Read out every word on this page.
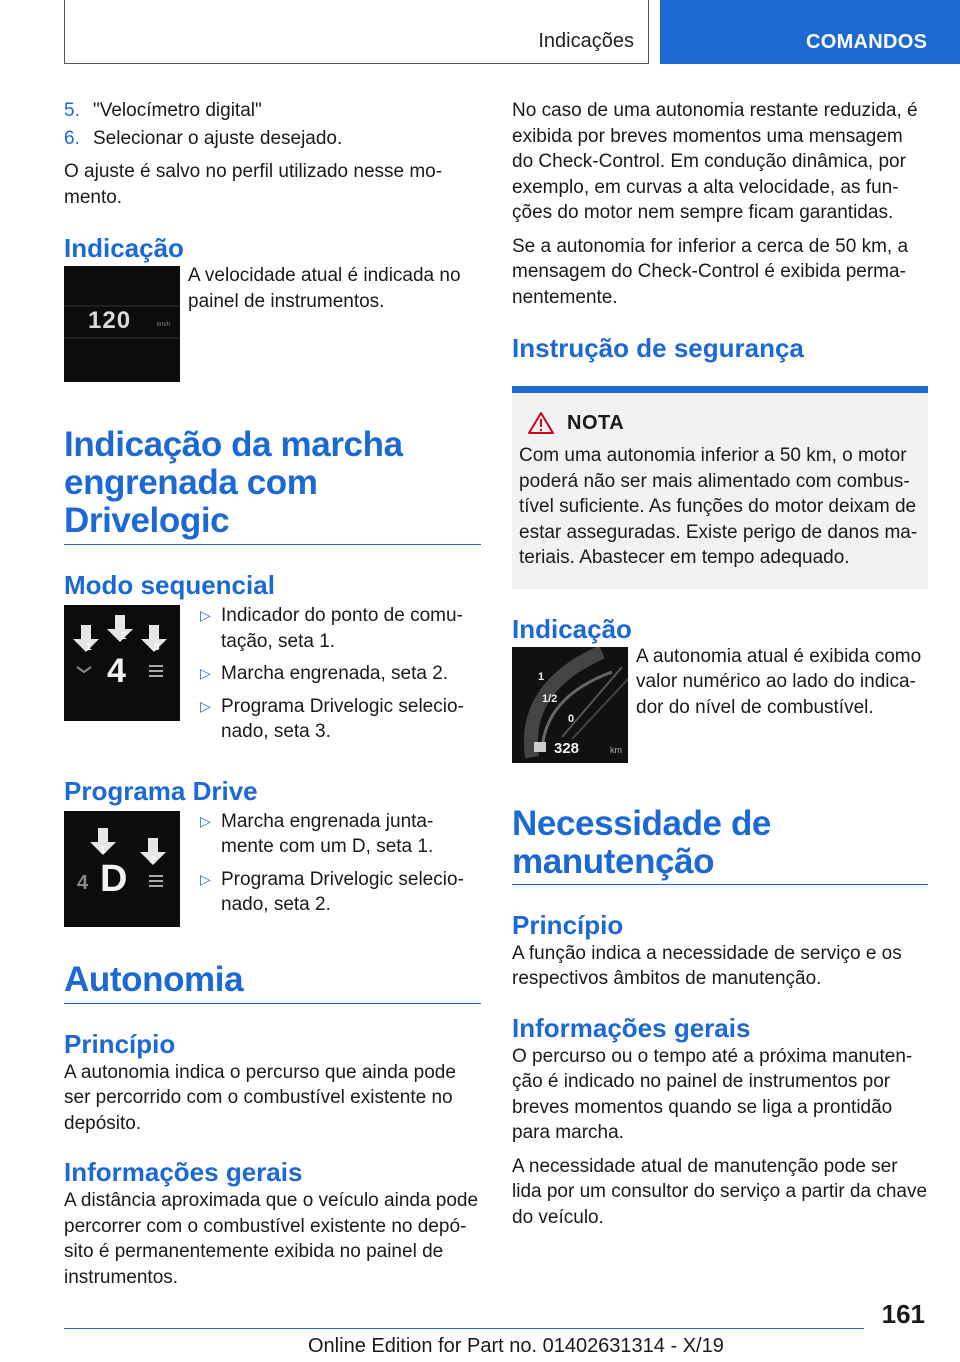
Indicações	COMANDOS
5. "Velocímetro digital"
6. Selecionar o ajuste desejado.

O ajuste é salvo no perfil utilizado nesse mo‐ mento.

Indicação
120	km/h

A velocidade atual é indicada no painel de instrumentos.

Indicação da marcha engrenada com Drivelogic
Modo sequencial
1
2
3
4
▷ Indicador do ponto de comu‐ tação, seta 1.
▷ Marcha engrenada, seta 2.
▷ Programa Drivelogic selecio‐ nado, seta 3.
Programa Drive
1
2
4 D
▷ Marcha engrenada junta‐ mente com um D, seta 1.
▷ Programa Drivelogic selecio‐ nado, seta 2.
Autonomia
Princípio

A autonomia indica o percurso que ainda pode ser percorrido com o combustível existente no depósito.

Informações gerais

A distância aproximada que o veículo ainda pode percorrer com o combustível existente no depó‐ sito é permanentemente exibida no painel de instrumentos.

No caso de uma autonomia restante reduzida, é exibida por breves momentos uma mensagem do Check-Control. Em condução dinâmica, por exemplo, em curvas a alta velocidade, as fun‐ ções do motor nem sempre ficam garantidas.

Se a autonomia for inferior a cerca de 50 km, a mensagem do Check-Control é exibida perma‐ nentemente.

Instrução de segurança
NOTA

Com uma autonomia inferior a 50 km, o motor poderá não ser mais alimentado com combus‐ tível suficiente. As funções do motor deixam de estar asseguradas. Existe perigo de danos ma‐ teriais. Abastecer em tempo adequado.

Indicação
1
1/2
0
328	km

A autonomia atual é exibida como valor numérico ao lado do indica‐ dor do nível de combustível.

Necessidade de manutenção
Princípio

A função indica a necessidade de serviço e os respectivos âmbitos de manutenção.

Informações gerais

O percurso ou o tempo até a próxima manuten‐ ção é indicado no painel de instrumentos por breves momentos quando se liga a prontidão para marcha.

A necessidade atual de manutenção pode ser lida por um consultor do serviço a partir da chave do veículo.

161
Online Edition for Part no. 01402631314 - X/19
